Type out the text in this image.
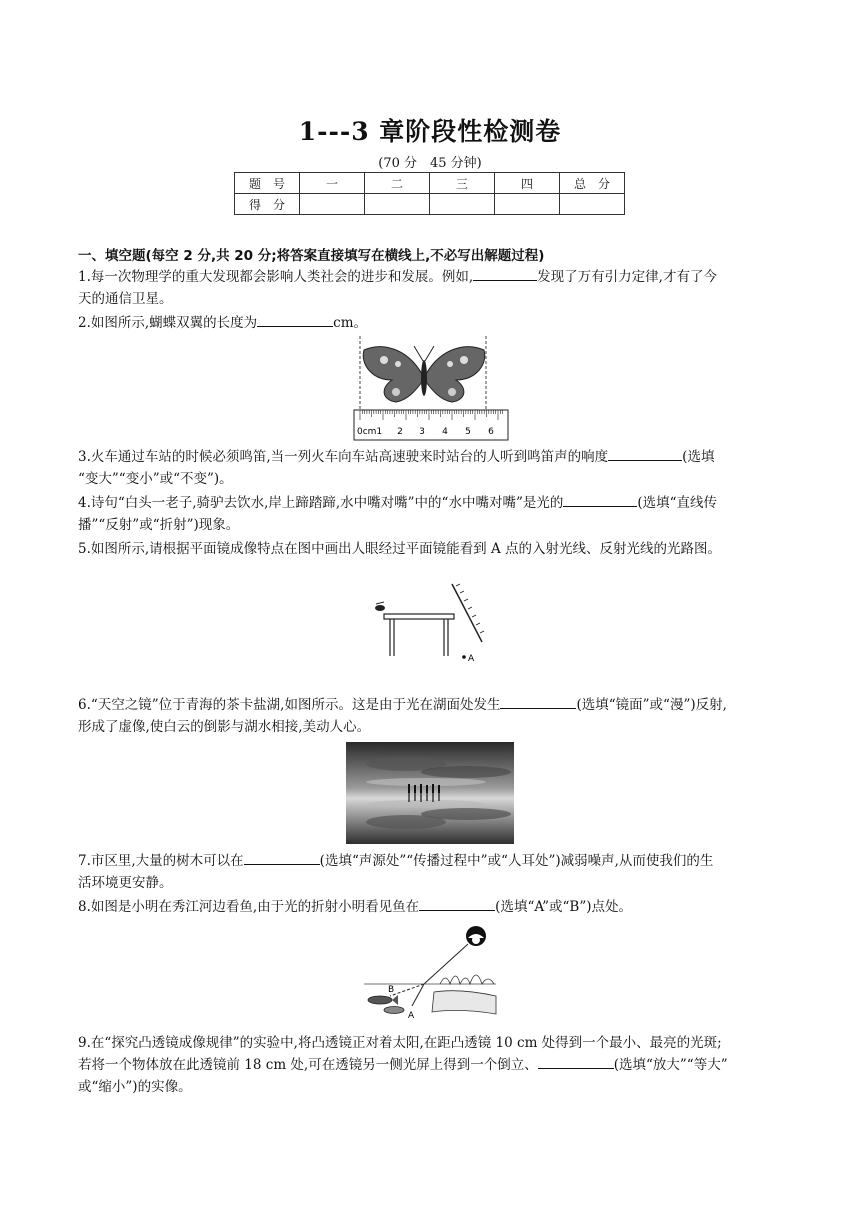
1---3 章阶段性检测卷
(70 分　45 分钟)
题　号	一	二	三	四	总　分
得　分					
一、填空题(每空 2 分,共 20 分;将答案直接填写在横线上,不必写出解题过程)
1.每一次物理学的重大发现都会影响人类社会的进步和发展。例如,	发现了万有引力定律,才有了今
天的通信卫星。
2.如图所示,蝴蝶双翼的长度为	cm。
0cm1 2 3 4 5 6
3.火车通过车站的时候必须鸣笛,当一列火车向车站高速驶来时站台的人听到鸣笛声的响度	(选填
“变大”“变小”或“不变”)。
4.诗句“白头一老子,骑驴去饮水,岸上蹄踏蹄,水中嘴对嘴”中的“水中嘴对嘴”是光的	(选填“直线传
播”“反射”或“折射”)现象。
5.如图所示,请根据平面镜成像特点在图中画出人眼经过平面镜能看到 A 点的入射光线、反射光线的光路图。
A
6.“天空之镜”位于青海的茶卡盐湖,如图所示。这是由于光在湖面处发生	(选填“镜面”或“漫”)反射,
形成了虚像,使白云的倒影与湖水相接,美动人心。
7.市区里,大量的树木可以在	(选填“声源处”“传播过程中”或“人耳处”)减弱噪声,从而使我们的生
活环境更安静。
8.如图是小明在秀江河边看鱼,由于光的折射小明看见鱼在	(选填“A”或“B”)点处。
B
A
9.在“探究凸透镜成像规律”的实验中,将凸透镜正对着太阳,在距凸透镜 10 cm 处得到一个最小、最亮的光斑;
若将一个物体放在此透镜前 18 cm 处,可在透镜另一侧光屏上得到一个倒立、	(选填“放大”“等大”
或“缩小”)的实像。
